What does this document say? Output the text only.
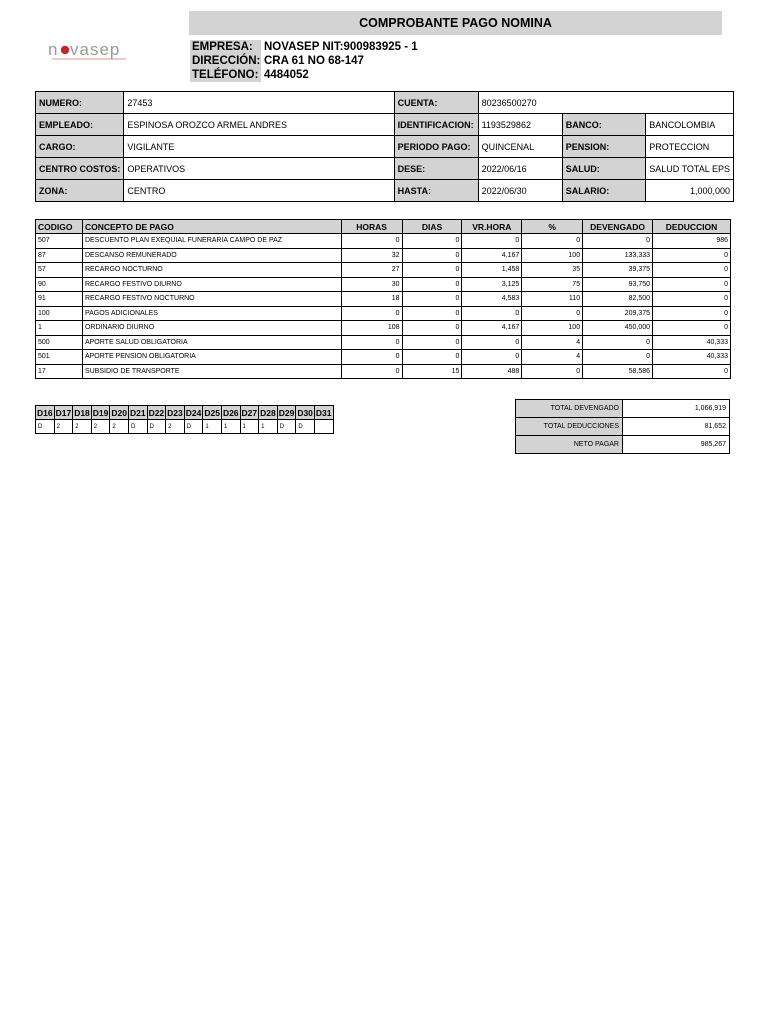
COMPROBANTE PAGO NOMINA
n vasep	EMPRESA: NOVASEP NIT:900983925 - 1
DIRECCIÓN: CRA 61 NO 68-147
TELÉFONO: 4484052
NUMERO:	27453	CUENTA:	80236500270		
EMPLEADO:	ESPINOSA OROZCO ARMEL ANDRES	IDENTIFICACION:	1193529862	BANCO:	BANCOLOMBIA
CARGO:	VIGILANTE	PERIODO PAGO:	QUINCENAL	PENSION:	PROTECCION
CENTRO COSTOS:	OPERATIVOS	DESE:	2022/06/16	SALUD:	SALUD TOTAL EPS
ZONA:	CENTRO	HASTA:	2022/06/30	SALARIO:	1,000,000
CODIGO	CONCEPTO DE PAGO	HORAS	DIAS	VR.HORA	%	DEVENGADO	DEDUCCION
507	DESCUENTO PLAN EXEQUIAL FUNERARIA CAMPO DE PAZ	0	0	0	0	0	986
87	DESCANSO REMUNERADO	32	0	4,167	100	133,333	0
57	RECARGO NOCTURNO	27	0	1,458	35	39,375	0
90	RECARGO FESTIVO DIURNO	30	0	3,125	75	93,750	0
91	RECARGO FESTIVO NOCTURNO	18	0	4,583	110	82,500	0
100	PAGOS ADICIONALES	0	0	0	0	209,375	0
1	ORDINARIO DIURNO	108	0	4,167	100	450,000	0
500	APORTE SALUD OBLIGATORIA	0	0	0	4	0	40,333
501	APORTE PENSION OBLIGATORIA	0	0	0	4	0	40,333
17	SUBSIDIO DE TRANSPORTE	0	15	488	0	58,586	0
D16	D17	D18	D19	D20	D21	D22	D23	D24	D25	D26	D27	D28	D29	D30	D31
D	2	2	2	2	D	D	2	D	1	1	1	1	D	D	
TOTAL DEVENGADO	1,066,919
TOTAL DEDUCCIONES	81,652
NETO PAGAR	985,267
